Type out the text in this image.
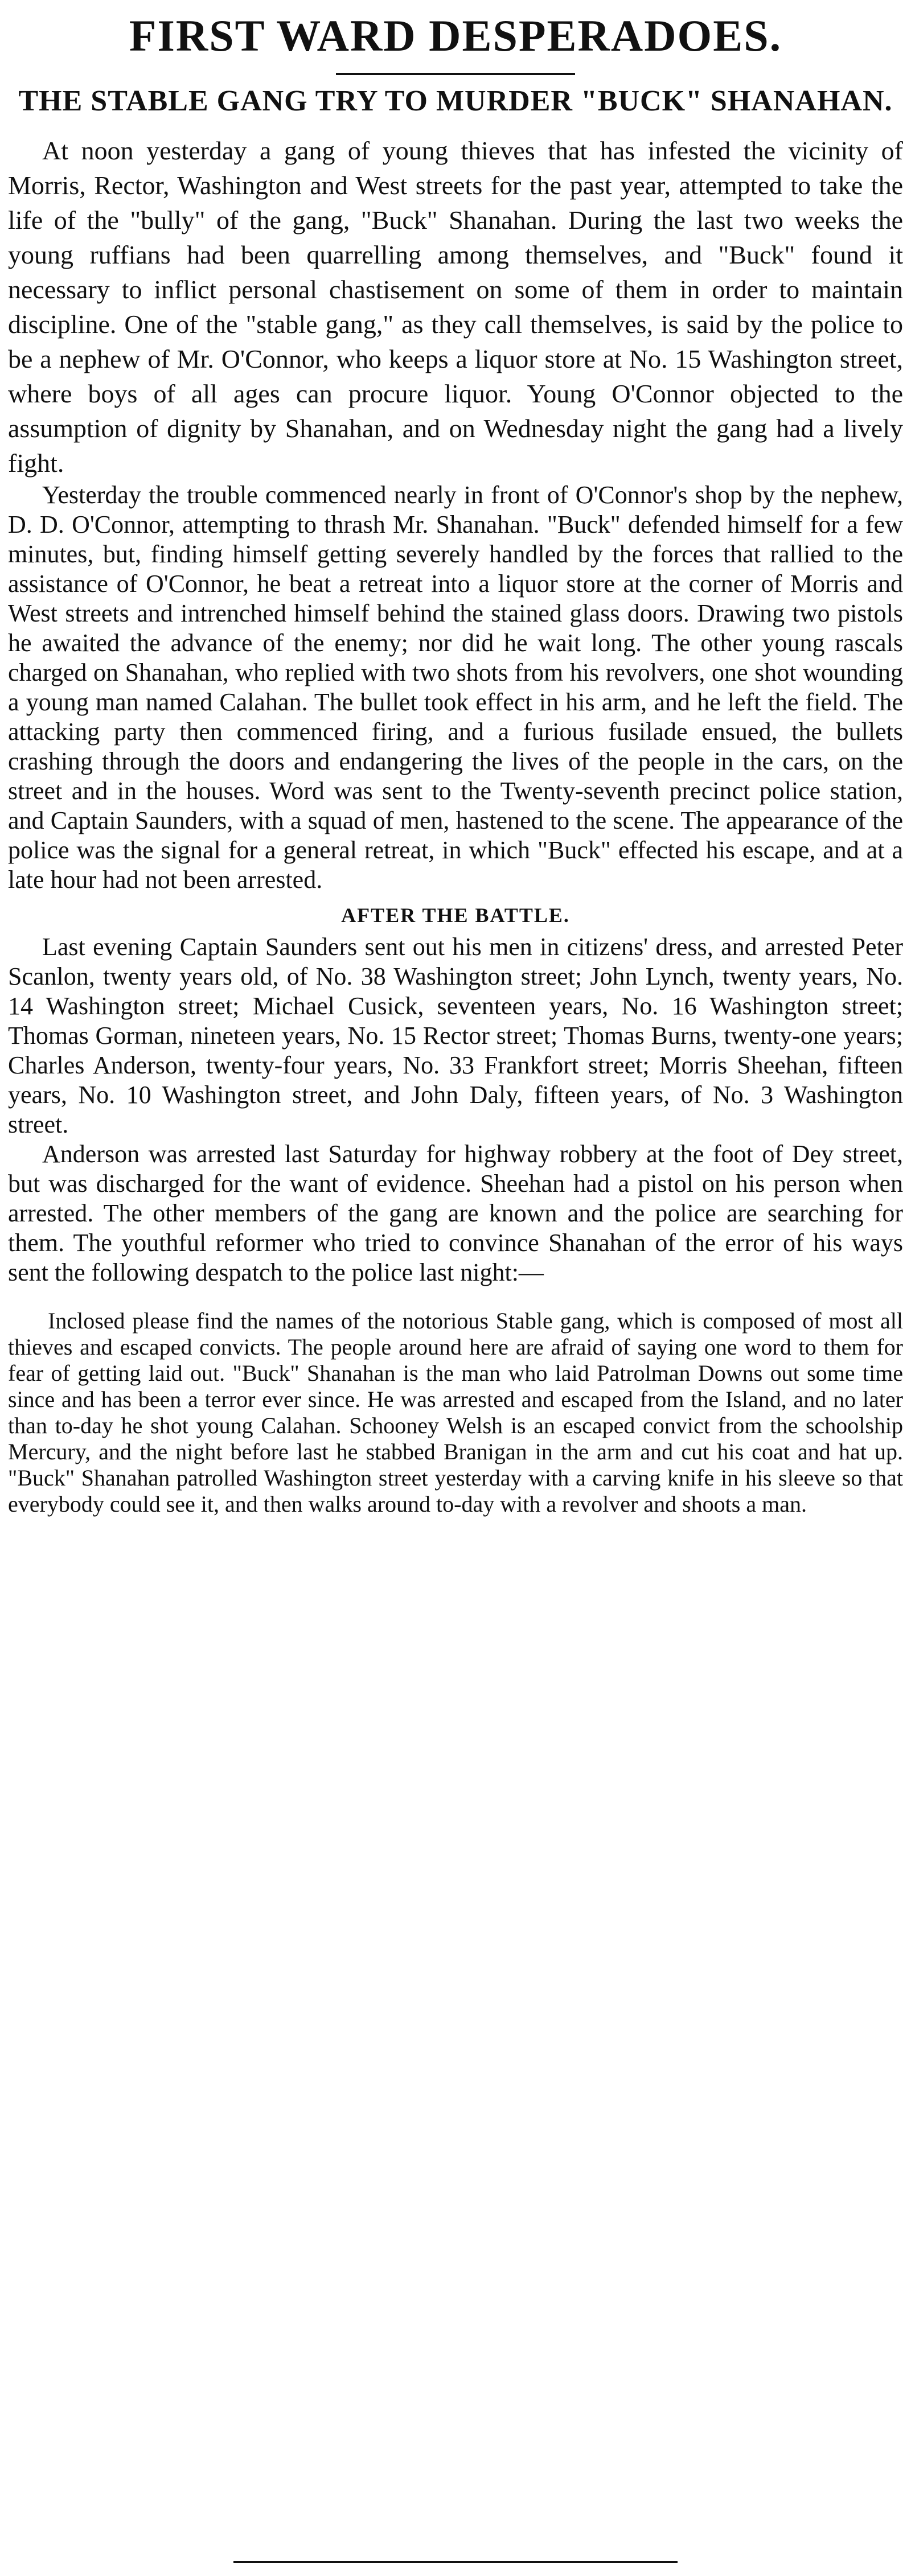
FIRST WARD DESPERADOES.
THE STABLE GANG TRY TO MURDER "BUCK" SHANAHAN.

At noon yesterday a gang of young thieves that has infested the vicinity of Morris, Rector, Washington and West streets for the past year, attempted to take the life of the "bully" of the gang, "Buck" Shanahan. During the last two weeks the young ruffians had been quarrelling among themselves, and "Buck" found it necessary to inflict personal chastisement on some of them in order to maintain discipline. One of the "stable gang," as they call themselves, is said by the police to be a nephew of Mr. O'Connor, who keeps a liquor store at No. 15 Washington street, where boys of all ages can procure liquor. Young O'Connor objected to the assumption of dignity by Shanahan, and on Wednesday night the gang had a lively fight.

Yesterday the trouble commenced nearly in front of O'Connor's shop by the nephew, D. D. O'Connor, attempting to thrash Mr. Shanahan. "Buck" defended himself for a few minutes, but, finding himself getting severely handled by the forces that rallied to the assistance of O'Connor, he beat a retreat into a liquor store at the corner of Morris and West streets and intrenched himself behind the stained glass doors. Drawing two pistols he awaited the advance of the enemy; nor did he wait long. The other young rascals charged on Shanahan, who replied with two shots from his revolvers, one shot wounding a young man named Calahan. The bullet took effect in his arm, and he left the field. The attacking party then commenced firing, and a furious fusilade ensued, the bullets crashing through the doors and endangering the lives of the people in the cars, on the street and in the houses. Word was sent to the Twenty-seventh precinct police station, and Captain Saunders, with a squad of men, hastened to the scene. The appearance of the police was the signal for a general retreat, in which "Buck" effected his escape, and at a late hour had not been arrested.

AFTER THE BATTLE.

Last evening Captain Saunders sent out his men in citizens' dress, and arrested Peter Scanlon, twenty years old, of No. 38 Washington street; John Lynch, twenty years, No. 14 Washington street; Michael Cusick, seventeen years, No. 16 Washington street; Thomas Gorman, nineteen years, No. 15 Rector street; Thomas Burns, twenty-one years; Charles Anderson, twenty-four years, No. 33 Frankfort street; Morris Sheehan, fifteen years, No. 10 Washington street, and John Daly, fifteen years, of No. 3 Washington street.

Anderson was arrested last Saturday for highway robbery at the foot of Dey street, but was discharged for the want of evidence. Sheehan had a pistol on his person when arrested. The other members of the gang are known and the police are searching for them. The youthful reformer who tried to convince Shanahan of the error of his ways sent the following despatch to the police last night:—

Inclosed please find the names of the notorious Stable gang, which is composed of most all thieves and escaped convicts. The people around here are afraid of saying one word to them for fear of getting laid out. "Buck" Shanahan is the man who laid Patrolman Downs out some time since and has been a terror ever since. He was arrested and escaped from the Island, and no later than to-day he shot young Calahan. Schooney Welsh is an escaped convict from the schoolship Mercury, and the night before last he stabbed Branigan in the arm and cut his coat and hat up. "Buck" Shanahan patrolled Washington street yesterday with a carving knife in his sleeve so that everybody could see it, and then walks around to-day with a revolver and shoots a man.
